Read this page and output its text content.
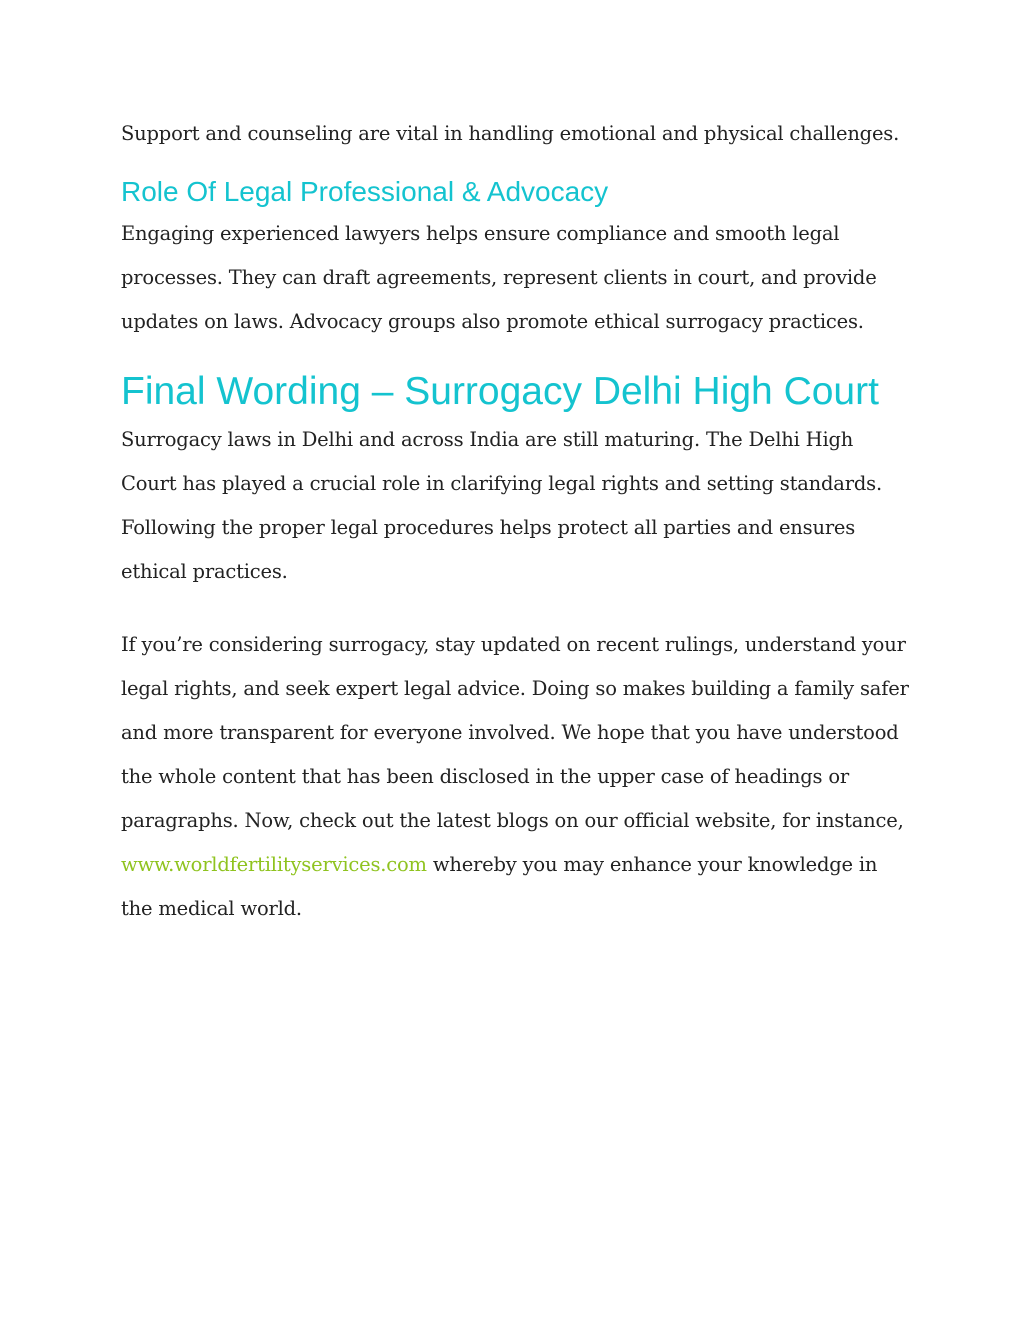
Support and counseling are vital in handling emotional and physical challenges.

Role Of Legal Professional & Advocacy

Engaging experienced lawyers helps ensure compliance and smooth legal processes. They can draft agreements, represent clients in court, and provide updates on laws. Advocacy groups also promote ethical surrogacy practices.

Final Wording – Surrogacy Delhi High Court

Surrogacy laws in Delhi and across India are still maturing. The Delhi High Court has played a crucial role in clarifying legal rights and setting standards. Following the proper legal procedures helps protect all parties and ensures ethical practices.

If you’re considering surrogacy, stay updated on recent rulings, understand your legal rights, and seek expert legal advice. Doing so makes building a family safer and more transparent for everyone involved. We hope that you have understood the whole content that has been disclosed in the upper case of headings or paragraphs. Now, check out the latest blogs on our official website, for instance, www.worldfertilityservices.com whereby you may enhance your knowledge in the medical world.
